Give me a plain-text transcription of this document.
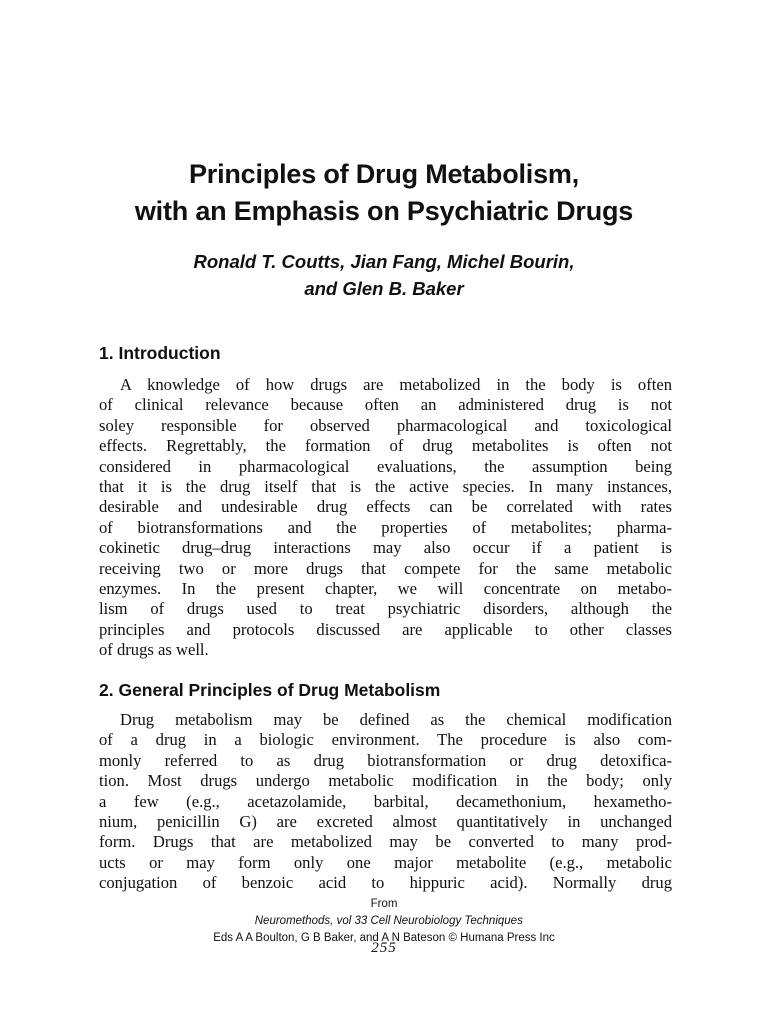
Principles of Drug Metabolism,
with an Emphasis on Psychiatric Drugs
Ronald T. Coutts, Jian Fang, Michel Bourin,
and Glen B. Baker
1. Introduction
A knowledge of how drugs are metabolized in the body is often
of clinical relevance because often an administered drug is not
soley responsible for observed pharmacological and toxicological
effects. Regrettably, the formation of drug metabolites is often not
considered in pharmacological evaluations, the assumption being
that it is the drug itself that is the active species. In many instances,
desirable and undesirable drug effects can be correlated with rates
of biotransformations and the properties of metabolites; pharma-
cokinetic drug–drug interactions may also occur if a patient is
receiving two or more drugs that compete for the same metabolic
enzymes. In the present chapter, we will concentrate on metabo-
lism of drugs used to treat psychiatric disorders, although the
principles and protocols discussed are applicable to other classes
of drugs as well.
2. General Principles of Drug Metabolism
Drug metabolism may be defined as the chemical modification
of a drug in a biologic environment. The procedure is also com-
monly referred to as drug biotransformation or drug detoxifica-
tion. Most drugs undergo metabolic modification in the body; only
a few (e.g., acetazolamide, barbital, decamethonium, hexametho-
nium, penicillin G) are excreted almost quantitatively in unchanged
form. Drugs that are metabolized may be converted to many prod-
ucts or may form only one major metabolite (e.g., metabolic
conjugation of benzoic acid to hippuric acid). Normally drug
From
Neuromethods, vol 33 Cell Neurobiology Techniques
Eds A A Boulton, G B Baker, and A N Bateson © Humana Press Inc
255
